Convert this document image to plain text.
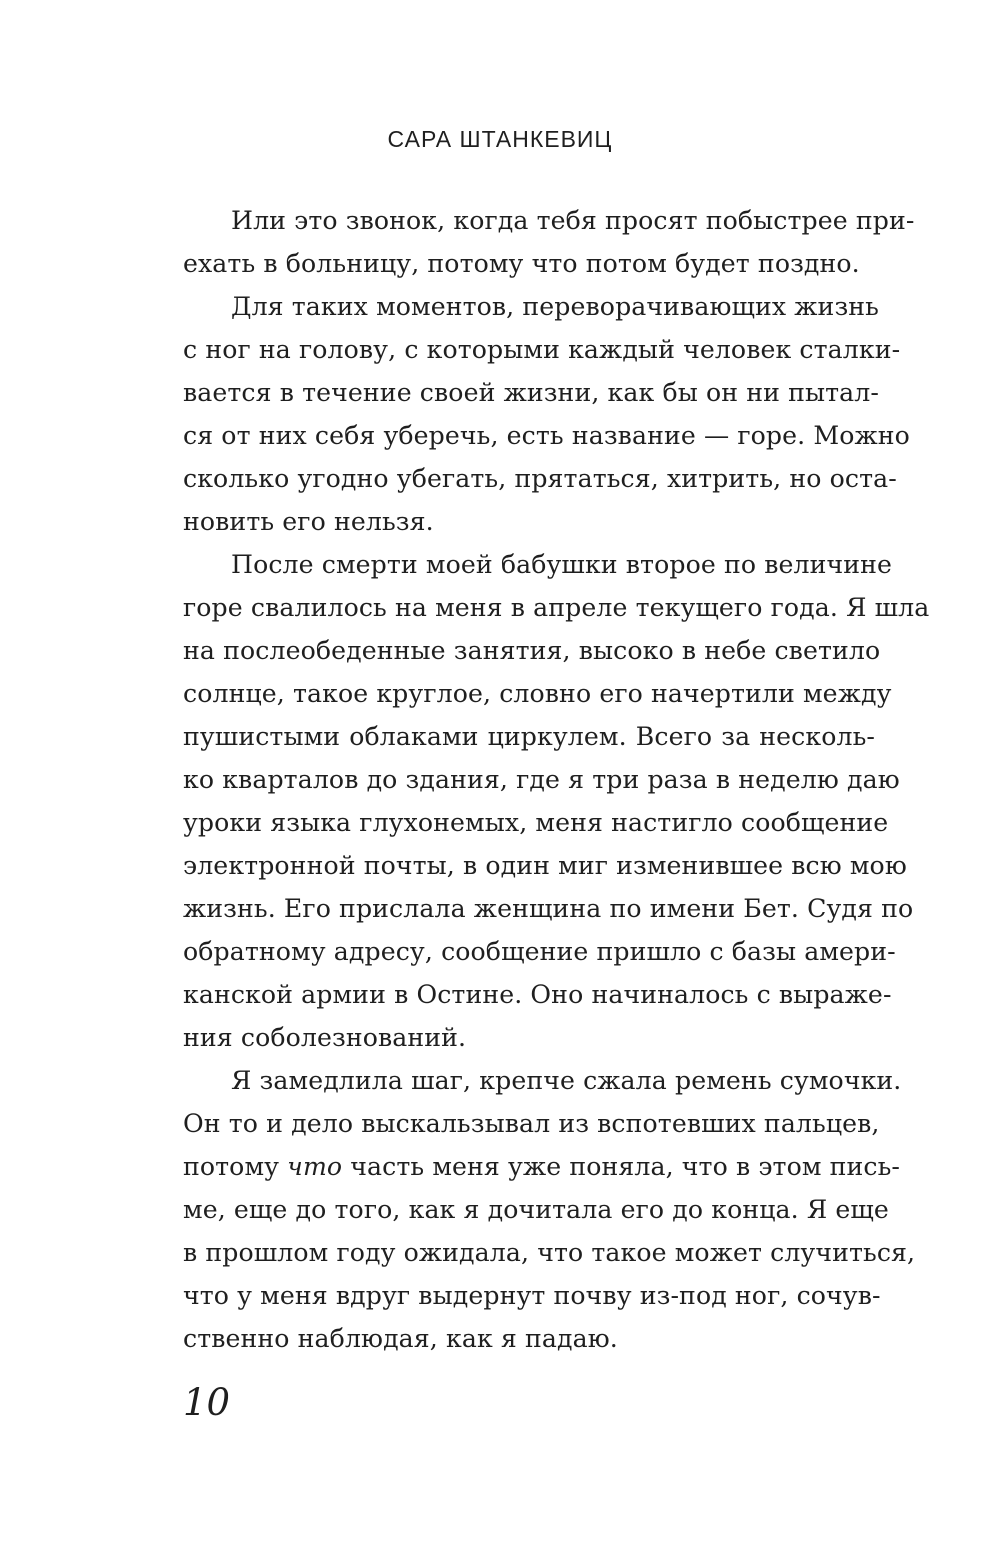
САРА ШТАНКЕВИЦ
Или это звонок, когда тебя просят побыстрее при-
ехать в больницу, потому что потом будет поздно.
Для таких моментов, переворачивающих жизнь
с ног на голову, с которыми каждый человек сталки-
вается в течение своей жизни, как бы он ни пытал-
ся от них себя уберечь, есть название — горе. Можно
сколько угодно убегать, прятаться, хитрить, но оста-
новить его нельзя.
После смерти моей бабушки второе по величине
горе свалилось на меня в апреле текущего года. Я шла
на послеобеденные занятия, высоко в небе светило
солнце, такое круглое, словно его начертили между
пушистыми облаками циркулем. Всего за несколь-
ко кварталов до здания, где я три раза в неделю даю
уроки языка глухонемых, меня настигло сообщение
электронной почты, в один миг изменившее всю мою
жизнь. Его прислала женщина по имени Бет. Судя по
обратному адресу, сообщение пришло с базы амери-
канской армии в Остине. Оно начиналось с выраже-
ния соболезнований.
Я замедлила шаг, крепче сжала ремень сумочки.
Он то и дело выскальзывал из вспотевших пальцев,
потому что часть меня уже поняла, что в этом пись-
ме, еще до того, как я дочитала его до конца. Я еще
в прошлом году ожидала, что такое может случиться,
что у меня вдруг выдернут почву из-под ног, сочув-
ственно наблюдая, как я падаю.
10
